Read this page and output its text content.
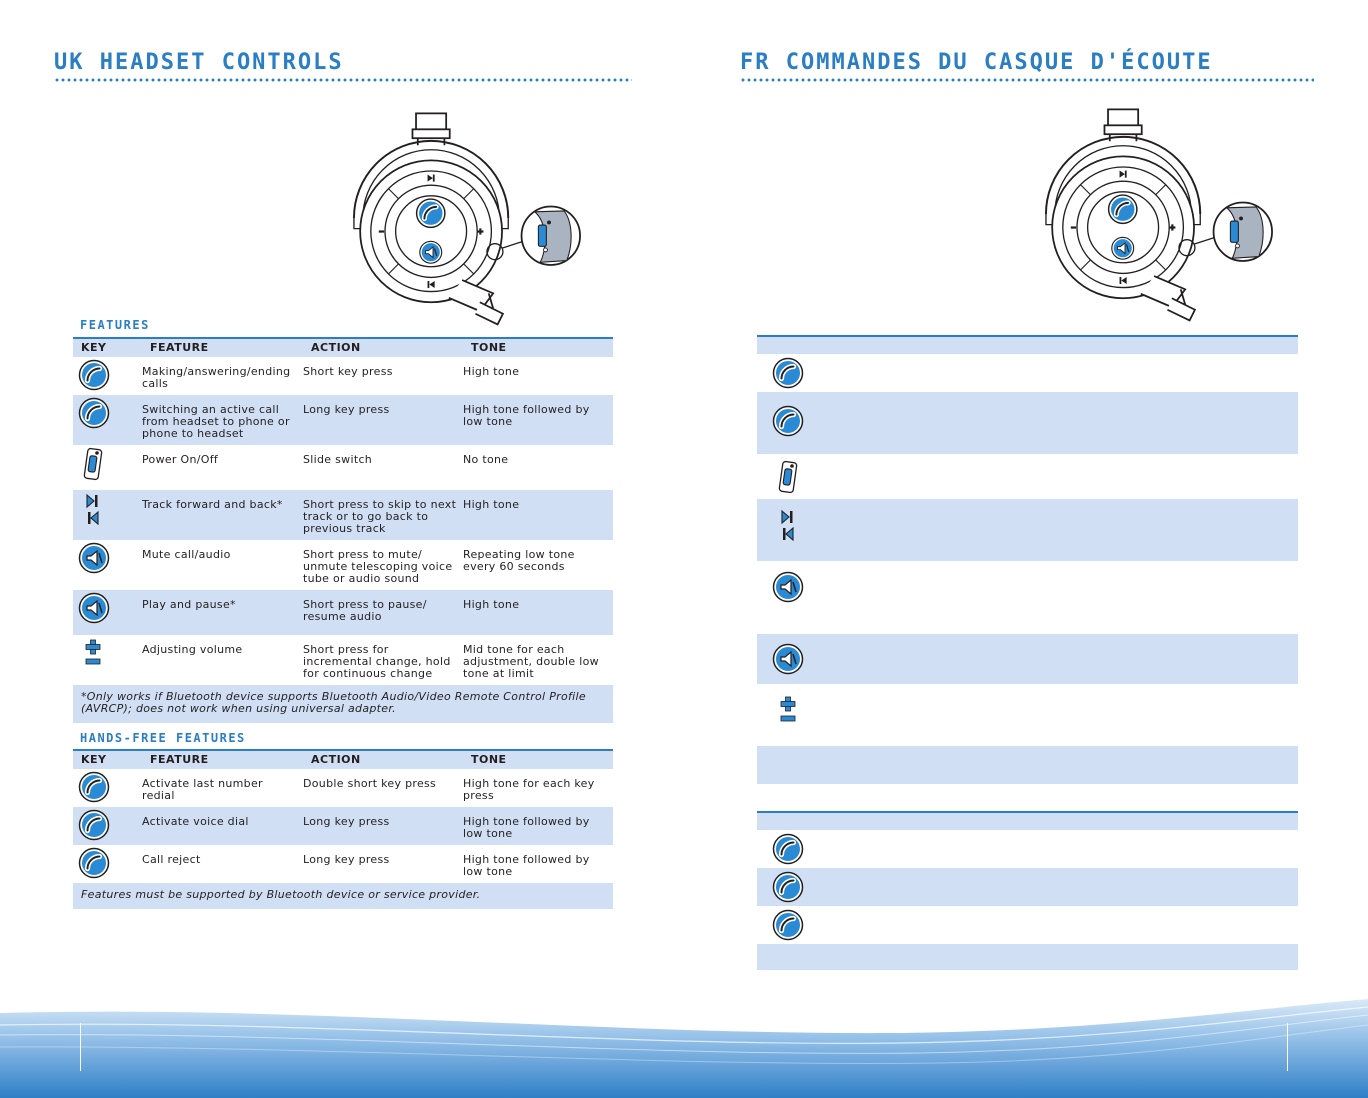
UK HEADSET CONTROLS	FR COMMANDES DU CASQUE D'ÉCOUTE
FEATURES
KEY	FEATURE	ACTION	TONE
	Making/answering/ending calls	Short key press	High tone
	Switching an active call from headset to phone or phone to headset	Long key press	High tone followed by low tone
	Power On/Off	Slide switch	No tone
	Track forward and back*	Short press to skip to next track or to go back to previous track	High tone
	Mute call/audio	Short press to mute/ unmute telescoping voice tube or audio sound	Repeating low tone every 60 seconds
	Play and pause*	Short press to pause/ resume audio	High tone
	Adjusting volume	Short press for incremental change, hold for continuous change	Mid tone for each adjustment, double low tone at limit
*Only works if Bluetooth device supports Bluetooth Audio/Video Remote Control Profile (AVRCP); does not work when using universal adapter.			
HANDS-FREE FEATURES
KEY	FEATURE	ACTION	TONE
	Activate last number redial	Double short key press	High tone for each key press
	Activate voice dial	Long key press	High tone followed by low tone
	Call reject	Long key press	High tone followed by low tone
Features must be supported by Bluetooth device or service provider.			
